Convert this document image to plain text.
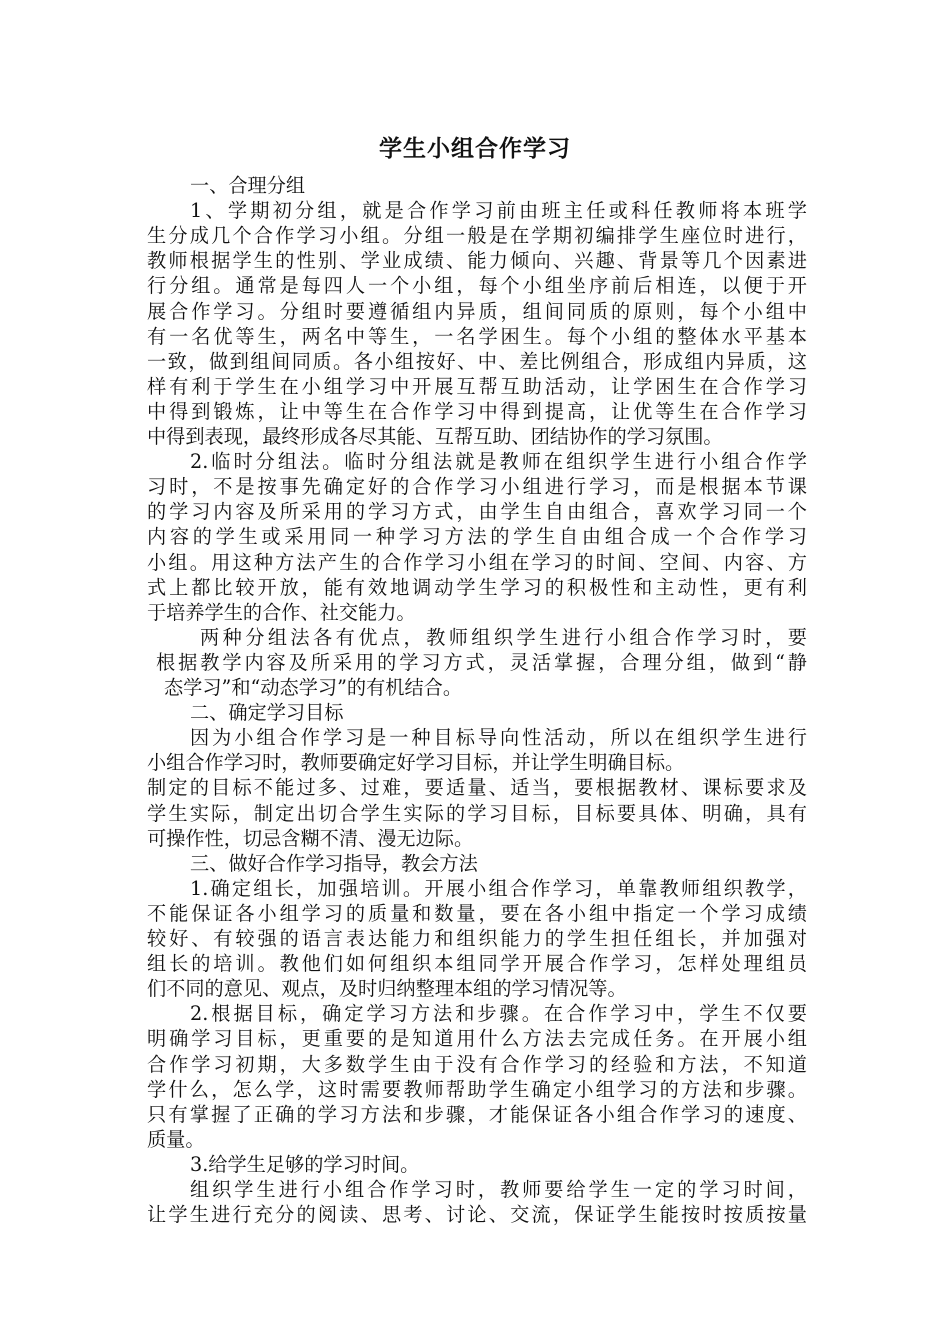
学生小组合作学习

一、合理分组

1、学期初分组，就是合作学习前由班主任或科任教师将本班学

生分成几个合作学习小组。分组一般是在学期初编排学生座位时进行，

教师根据学生的性别、学业成绩、能力倾向、兴趣、背景等几个因素进

行分组。通常是每四人一个小组，每个小组坐序前后相连，以便于开

展合作学习。分组时要遵循组内异质，组间同质的原则，每个小组中

有一名优等生，两名中等生，一名学困生。每个小组的整体水平基本

一致，做到组间同质。各小组按好、中、差比例组合，形成组内异质，这

样有利于学生在小组学习中开展互帮互助活动，让学困生在合作学习

中得到锻炼，让中等生在合作学习中得到提高，让优等生在合作学习

中得到表现，最终形成各尽其能、互帮互助、团结协作的学习氛围。

2.临时分组法。临时分组法就是教师在组织学生进行小组合作学

习时，不是按事先确定好的合作学习小组进行学习，而是根据本节课

的学习内容及所采用的学习方式，由学生自由组合，喜欢学习同一个

内容的学生或采用同一种学习方法的学生自由组合成一个合作学习

小组。用这种方法产生的合作学习小组在学习的时间、空间、内容、方

式上都比较开放，能有效地调动学生学习的积极性和主动性，更有利

于培养学生的合作、社交能力。

两种分组法各有优点，教师组织学生进行小组合作学习时，要

根据教学内容及所采用的学习方式，灵活掌握，合理分组，做到“静

态学习”和“动态学习”的有机结合。

二、确定学习目标

因为小组合作学习是一种目标导向性活动，所以在组织学生进行

小组合作学习时，教师要确定好学习目标，并让学生明确目标。

制定的目标不能过多、过难，要适量、适当，要根据教材、课标要求及

学生实际，制定出切合学生实际的学习目标，目标要具体、明确，具有

可操作性，切忌含糊不清、漫无边际。

三、做好合作学习指导，教会方法

1.确定组长，加强培训。开展小组合作学习，单靠教师组织教学，

不能保证各小组学习的质量和数量，要在各小组中指定一个学习成绩

较好、有较强的语言表达能力和组织能力的学生担任组长，并加强对

组长的培训。教他们如何组织本组同学开展合作学习，怎样处理组员

们不同的意见、观点，及时归纳整理本组的学习情况等。

2.根据目标，确定学习方法和步骤。在合作学习中，学生不仅要

明确学习目标，更重要的是知道用什么方法去完成任务。在开展小组

合作学习初期，大多数学生由于没有合作学习的经验和方法，不知道

学什么，怎么学，这时需要教师帮助学生确定小组学习的方法和步骤。

只有掌握了正确的学习方法和步骤，才能保证各小组合作学习的速度、

质量。

3.给学生足够的学习时间。

组织学生进行小组合作学习时，教师要给学生一定的学习时间，

让学生进行充分的阅读、思考、讨论、交流，保证学生能按时按质按量
